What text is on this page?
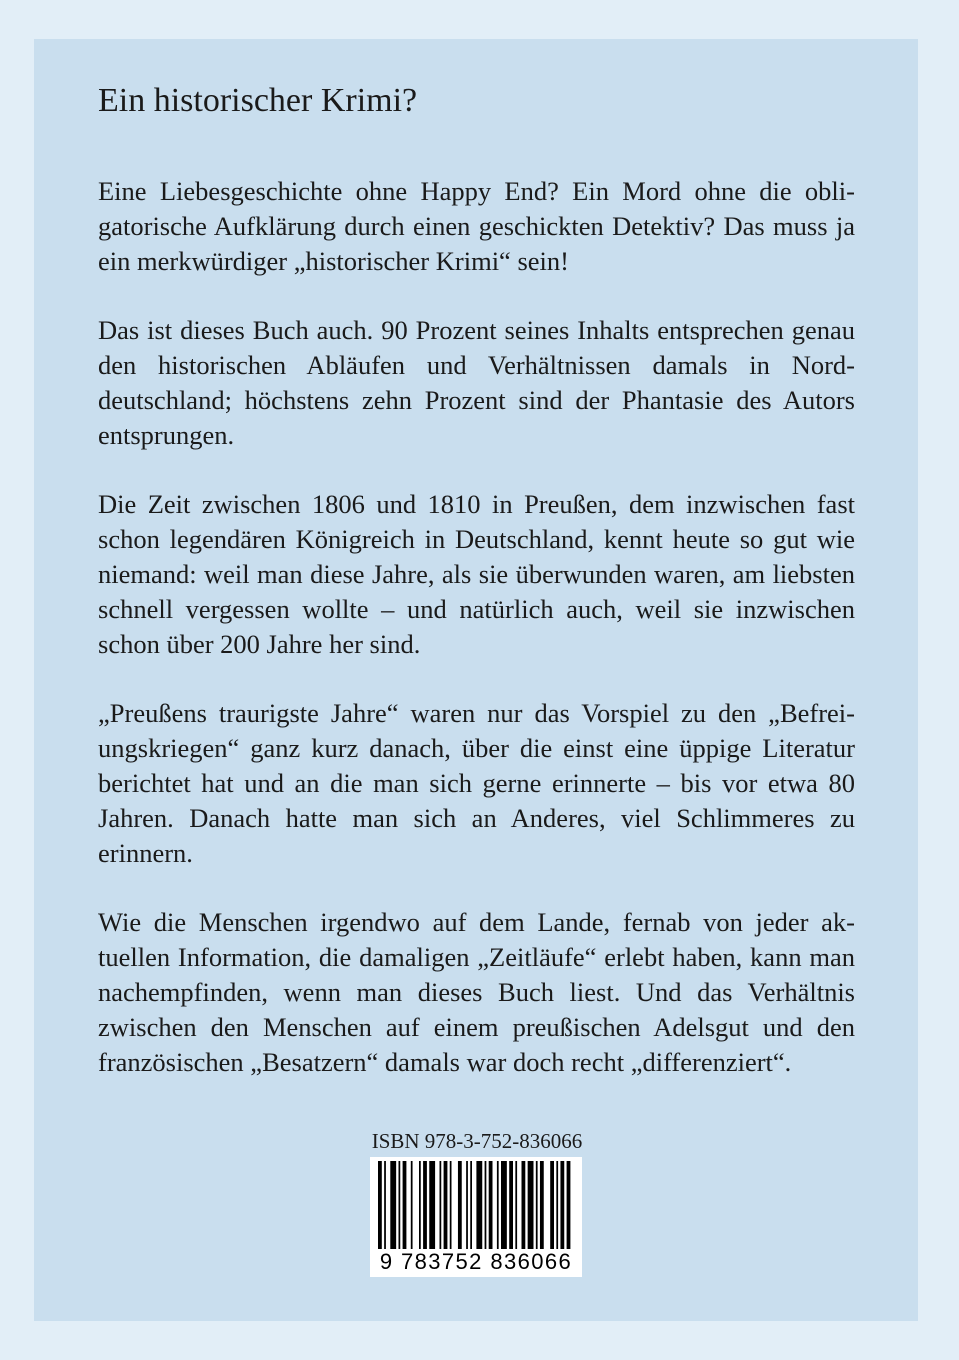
Ein historischer Krimi?

Eine Liebesgeschichte ohne Happy End? Ein Mord ohne die obligatorische Aufklärung durch einen geschickten Detektiv? Das muss ja ein merkwürdiger „historischer Krimi“ sein!

Das ist dieses Buch auch. 90 Prozent seines Inhalts entsprechen genau den historischen Abläufen und Verhältnissen damals in Norddeutschland; höchstens zehn Prozent sind der Phantasie des Autors entsprungen.

Die Zeit zwischen 1806 und 1810 in Preußen, dem inzwischen fast schon legendären Königreich in Deutschland, kennt heute so gut wie niemand: weil man diese Jahre, als sie überwunden waren, am liebsten schnell vergessen wollte – und natürlich auch, weil sie inzwischen schon über 200 Jahre her sind.

„Preußens traurigste Jahre“ waren nur das Vorspiel zu den „Befreiungskriegen“ ganz kurz danach, über die einst eine üppige Literatur berichtet hat und an die man sich gerne erinnerte – bis vor etwa 80 Jahren. Danach hatte man sich an Anderes, viel Schlimmeres zu erinnern.

Wie die Menschen irgendwo auf dem Lande, fernab von jeder aktuellen Information, die damaligen „Zeitläufe“ erlebt haben, kann man nachempfinden, wenn man dieses Buch liest. Und das Verhältnis zwischen den Menschen auf einem preußischen Adelsgut und den französischen „Besatzern“ damals war doch recht „differenziert“.

ISBN 978-3-752-836066
9 783752 836066
